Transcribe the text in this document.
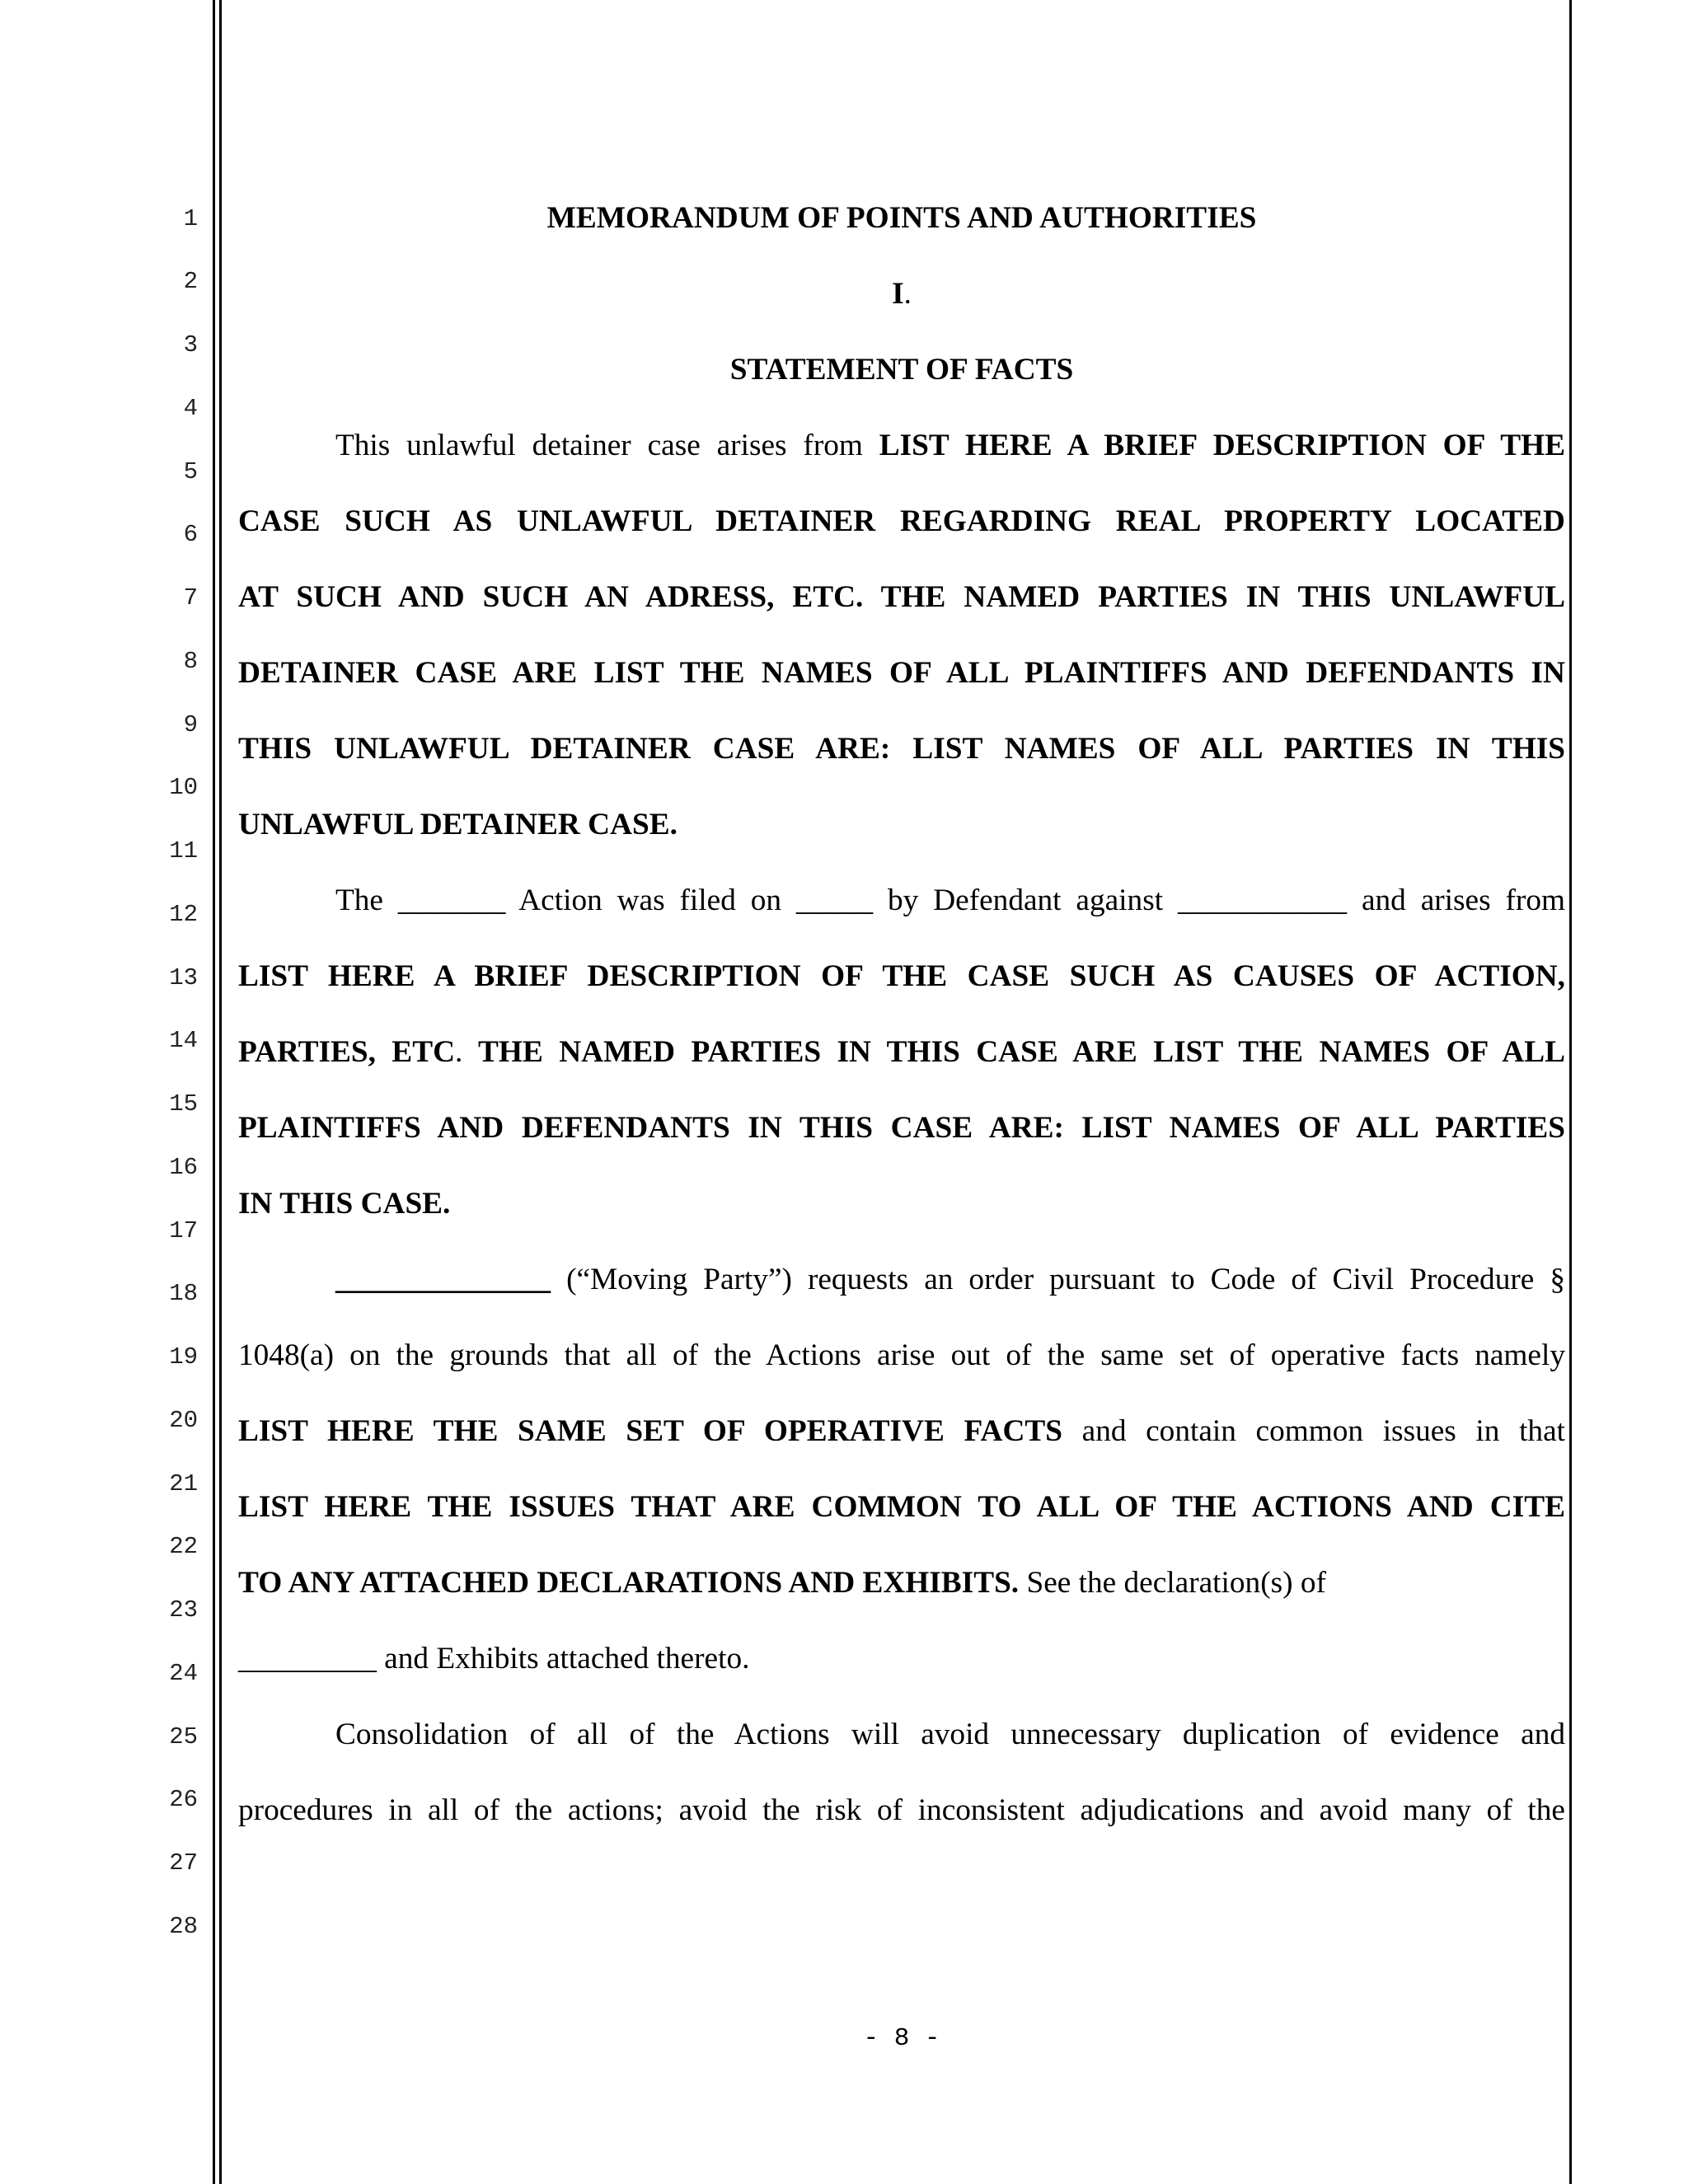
1
2
3
4
5
6
7
8
9
10
11
12
13
14
15
16
17
18
19
20
21
22
23
24
25
26
27
28
MEMORANDUM OF POINTS AND AUTHORITIES
I.
STATEMENT OF FACTS
This unlawful detainer case arises from LIST HERE A BRIEF DESCRIPTION OF THE
CASE SUCH AS UNLAWFUL DETAINER REGARDING REAL PROPERTY LOCATED
AT SUCH AND SUCH AN ADRESS, ETC. THE NAMED PARTIES IN THIS UNLAWFUL
DETAINER CASE ARE LIST THE NAMES OF ALL PLAINTIFFS AND DEFENDANTS IN
THIS UNLAWFUL DETAINER CASE ARE: LIST NAMES OF ALL PARTIES IN THIS
UNLAWFUL DETAINER CASE.
The _______ Action was filed on _____ by Defendant against ___________ and arises from
LIST HERE A BRIEF DESCRIPTION OF THE CASE SUCH AS CAUSES OF ACTION,
PARTIES, ETC. THE NAMED PARTIES IN THIS CASE ARE LIST THE NAMES OF ALL
PLAINTIFFS AND DEFENDANTS IN THIS CASE ARE: LIST NAMES OF ALL PARTIES
IN THIS CASE.
______________ (“Moving Party”) requests an order pursuant to Code of Civil Procedure §
1048(a) on the grounds that all of the Actions arise out of the same set of operative facts namely
LIST HERE THE SAME SET OF OPERATIVE FACTS and contain common issues in that
LIST HERE THE ISSUES THAT ARE COMMON TO ALL OF THE ACTIONS AND CITE
TO ANY ATTACHED DECLARATIONS AND EXHIBITS. See the declaration(s) of
_________ and Exhibits attached thereto.
Consolidation of all of the Actions will avoid unnecessary duplication of evidence and
procedures in all of the actions; avoid the risk of inconsistent adjudications and avoid many of the
- 8 -
